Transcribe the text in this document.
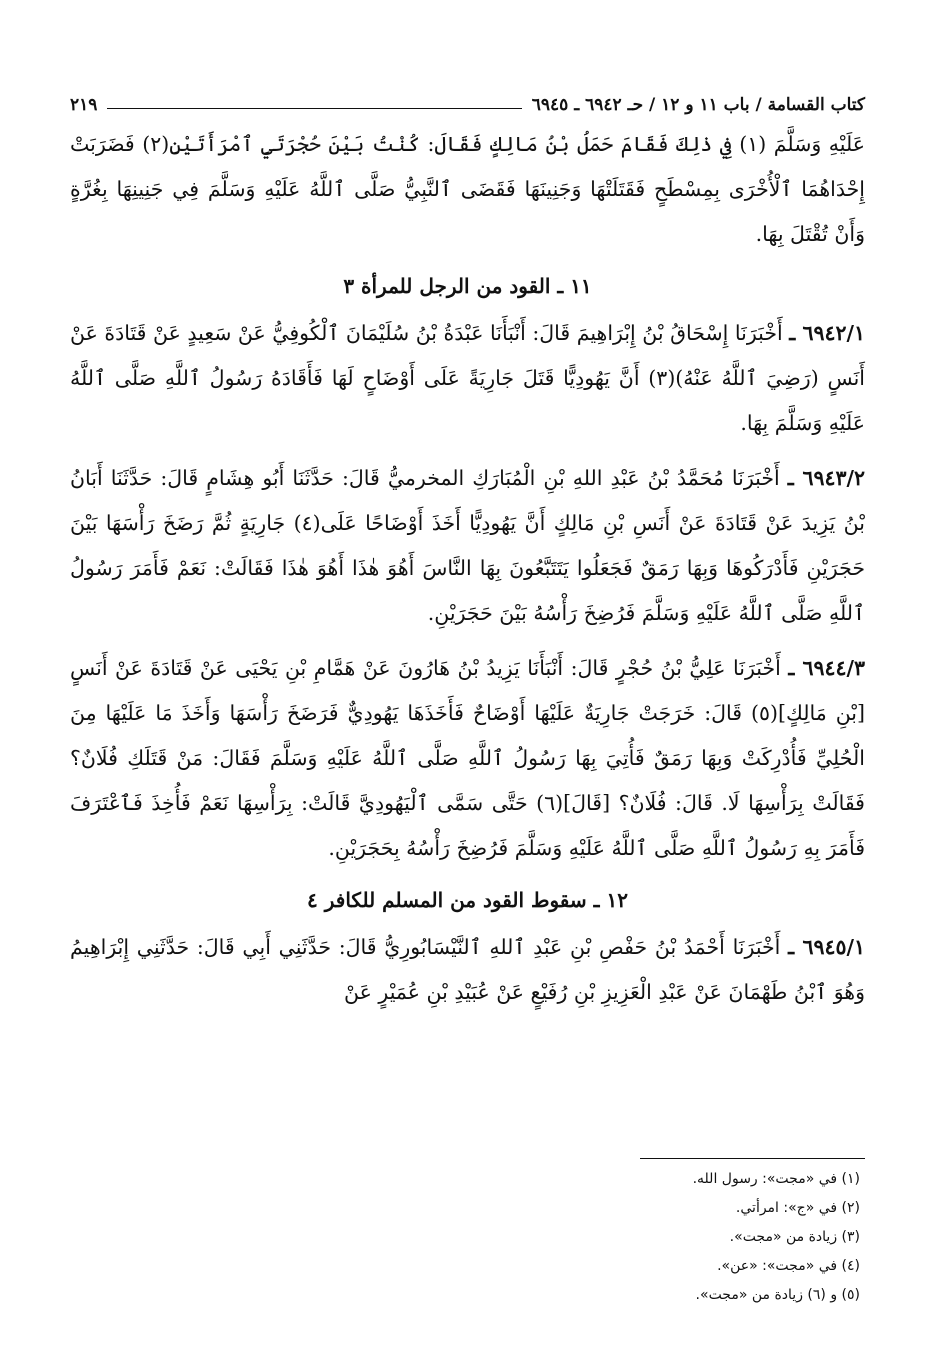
كتاب القسامة / باب ١١ و ١٢ / حـ ٦٩٤٢ ـ ٦٩٤٥
٢١٩

عَلَيْهِ وَسَلَّمَ (١) فِي ذٰلِكَ فَقَامَ حَمَلُ بْنُ مَالِكٍ فَقَالَ: كُنْتُ بَيْنَ حُجْرَتَيِ ٱمْرَأَتَيْنِ(٢) فَضَرَبَتْ إِحْدَاهُمَا ٱلْأُخْرَى بِمِسْطَحٍ فَقَتَلَتْهَا وَجَنِينَهَا فَقَضَى ٱلنَّبِيُّ صَلَّى ٱللَّهُ عَلَيْهِ وَسَلَّمَ فِي جَنِينِهَا بِغُرَّةٍ وَأَنْ تُقْتَلَ بِهَا.

١١ ـ القود من الرجل للمرأة ٣

٦٩٤٢/١ ـ أَخْبَرَنَا إِسْحَاقُ بْنُ إِبْرَاهِيمَ قَالَ: أَنْبَأَنَا عَبْدَةُ بْنُ سُلَيْمَانَ ٱلْكُوفِيُّ عَنْ سَعِيدٍ عَنْ قَتَادَةَ عَنْ أَنَسٍ (رَضِيَ ٱللَّهُ عَنْهُ)(٣) أَنَّ يَهُودِيًّا قَتَلَ جَارِيَةً عَلَى أَوْضَاحٍ لَهَا فَأَقَادَهُ رَسُولُ ٱللَّهِ صَلَّى ٱللَّهُ عَلَيْهِ وَسَلَّمَ بِهَا.

٦٩٤٣/٢ ـ أَخْبَرَنَا مُحَمَّدُ بْنُ عَبْدِ اللهِ بْنِ الْمُبَارَكِ المخرميُّ قَالَ: حَدَّثَنَا أَبُو هِشَامٍ قَالَ: حَدَّثَنَا أَبَانُ بْنُ يَزِيدَ عَنْ قَتَادَةَ عَنْ أَنَسِ بْنِ مَالِكٍ أَنَّ يَهُودِيًّا أَخَذَ أَوْضَاحًا عَلَى(٤) جَارِيَةٍ ثُمَّ رَضَخَ رَأْسَهَا بَيْنَ حَجَرَيْنِ فَأَدْرَكُوهَا وَبِهَا رَمَقٌ فَجَعَلُوا يَتَتَبَّعُونَ بِهَا النَّاسَ أَهُوَ هٰذَا أَهُوَ هٰذَا فَقَالَتْ: نَعَمْ فَأَمَرَ رَسُولُ ٱللَّهِ صَلَّى ٱللَّهُ عَلَيْهِ وَسَلَّمَ فَرُضِخَ رَأْسُهُ بَيْنَ حَجَرَيْنِ.

٦٩٤٤/٣ ـ أَخْبَرَنَا عَلِيُّ بْنُ حُجْرٍ قَالَ: أَنْبَأَنَا يَزِيدُ بْنُ هَارُونَ عَنْ هَمَّامِ بْنِ يَحْيَى عَنْ قَتَادَةَ عَنْ أَنَسٍ [بْنِ مَالِكٍ](٥) قَالَ: خَرَجَتْ جَارِيَةٌ عَلَيْهَا أَوْضَاحٌ فَأَخَذَهَا يَهُودِيٌّ فَرَضَخَ رَأْسَهَا وَأَخَذَ مَا عَلَيْهَا مِنَ الْحُلِيِّ فَأُدْرِكَتْ وَبِهَا رَمَقٌ فَأُتِيَ بِهَا رَسُولُ ٱللَّهِ صَلَّى ٱللَّهُ عَلَيْهِ وَسَلَّمَ فَقَالَ: مَنْ قَتَلَكِ فُلَانٌ؟ فَقَالَتْ بِرَأْسِهَا لَا. قَالَ: فُلَانٌ؟ [قَالَ](٦) حَتَّى سَمَّى ٱلْيَهُودِيَّ قَالَتْ: بِرَأْسِهَا نَعَمْ فَأُخِذَ فَٱعْتَرَفَ فَأَمَرَ بِهِ رَسُولُ ٱللَّهِ صَلَّى ٱللَّهُ عَلَيْهِ وَسَلَّمَ فَرُضِخَ رَأْسُهُ بِحَجَرَيْنِ.

١٢ ـ سقوط القود من المسلم للكافر ٤

٦٩٤٥/١ ـ أَخْبَرَنَا أَحْمَدُ بْنُ حَفْصِ بْنِ عَبْدِ ٱللهِ ٱلنَّيْسَابُورِيُّ قَالَ: حَدَّثَنِي أَبِي قَالَ: حَدَّثَنِي إِبْرَاهِيمُ وَهُوَ ٱبْنُ طَهْمَانَ عَنْ عَبْدِ الْعَزِيزِ بْنِ رُفَيْعٍ عَنْ عُبَيْدِ بْنِ عُمَيْرٍ عَنْ

(١) في «مجت»: رسول الله.
(٢) في «ج»: امرأتي.
(٣) زيادة من «مجت».
(٤) في «مجت»: «عن».
(٥) و (٦) زيادة من «مجت».
